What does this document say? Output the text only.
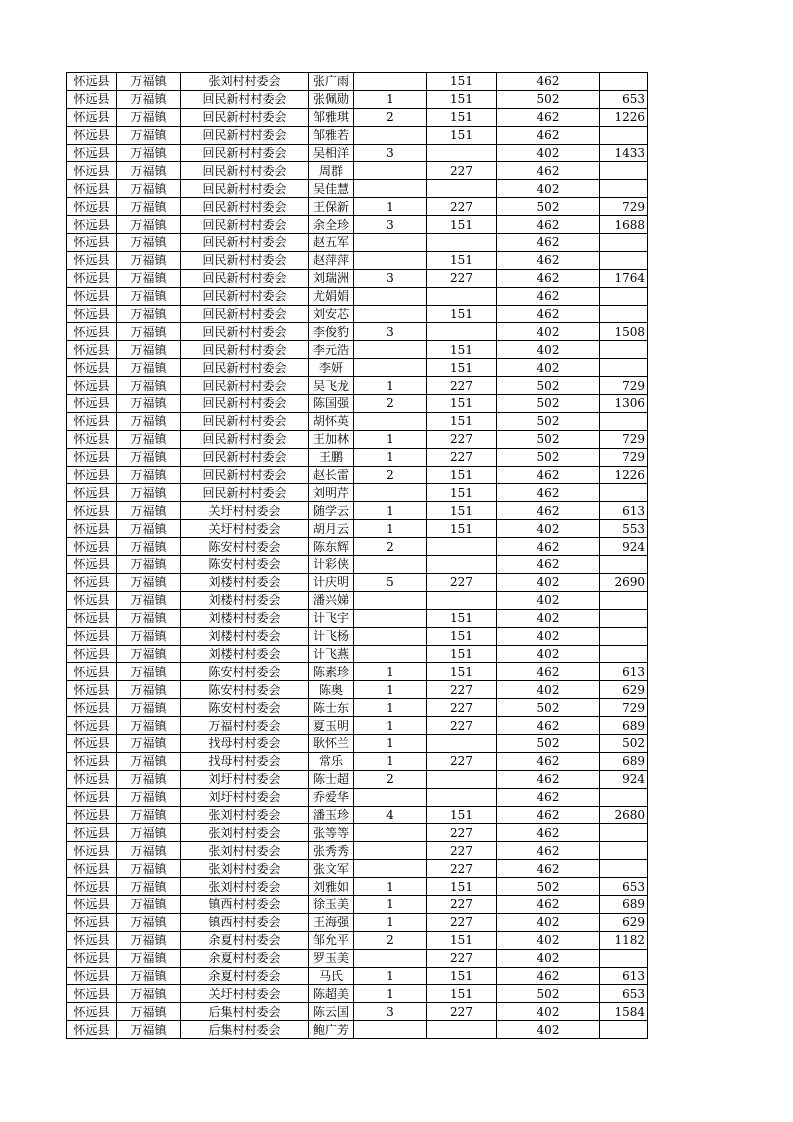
怀远县	万福镇	张刘村村委会	张广雨		151	462	
怀远县	万福镇	回民新村村委会	张佩勋	1	151	502	653
怀远县	万福镇	回民新村村委会	邹雅琪	2	151	462	1226
怀远县	万福镇	回民新村村委会	邹雅若		151	462	
怀远县	万福镇	回民新村村委会	吴相洋	3		402	1433
怀远县	万福镇	回民新村村委会	周群		227	462	
怀远县	万福镇	回民新村村委会	吴佳慧			402	
怀远县	万福镇	回民新村村委会	王保新	1	227	502	729
怀远县	万福镇	回民新村村委会	余全珍	3	151	462	1688
怀远县	万福镇	回民新村村委会	赵五军			462	
怀远县	万福镇	回民新村村委会	赵萍萍		151	462	
怀远县	万福镇	回民新村村委会	刘瑞洲	3	227	462	1764
怀远县	万福镇	回民新村村委会	尤娟娟			462	
怀远县	万福镇	回民新村村委会	刘安芯		151	462	
怀远县	万福镇	回民新村村委会	李俊豹	3		402	1508
怀远县	万福镇	回民新村村委会	李元浩		151	402	
怀远县	万福镇	回民新村村委会	李妍		151	402	
怀远县	万福镇	回民新村村委会	吴飞龙	1	227	502	729
怀远县	万福镇	回民新村村委会	陈国强	2	151	502	1306
怀远县	万福镇	回民新村村委会	胡怀英		151	502	
怀远县	万福镇	回民新村村委会	王加林	1	227	502	729
怀远县	万福镇	回民新村村委会	王鹏	1	227	502	729
怀远县	万福镇	回民新村村委会	赵长雷	2	151	462	1226
怀远县	万福镇	回民新村村委会	刘明芹		151	462	
怀远县	万福镇	关圩村村委会	随学云	1	151	462	613
怀远县	万福镇	关圩村村委会	胡月云	1	151	402	553
怀远县	万福镇	陈安村村委会	陈东辉	2		462	924
怀远县	万福镇	陈安村村委会	计彩侠			462	
怀远县	万福镇	刘楼村村委会	计庆明	5	227	402	2690
怀远县	万福镇	刘楼村村委会	潘兴娣			402	
怀远县	万福镇	刘楼村村委会	计飞宇		151	402	
怀远县	万福镇	刘楼村村委会	计飞杨		151	402	
怀远县	万福镇	刘楼村村委会	计飞燕		151	402	
怀远县	万福镇	陈安村村委会	陈素珍	1	151	462	613
怀远县	万福镇	陈安村村委会	陈奥	1	227	402	629
怀远县	万福镇	陈安村村委会	陈士东	1	227	502	729
怀远县	万福镇	万福村村委会	夏玉明	1	227	462	689
怀远县	万福镇	找母村村委会	耿怀兰	1		502	502
怀远县	万福镇	找母村村委会	常乐	1	227	462	689
怀远县	万福镇	刘圩村村委会	陈士超	2		462	924
怀远县	万福镇	刘圩村村委会	乔爱华			462	
怀远县	万福镇	张刘村村委会	潘玉珍	4	151	462	2680
怀远县	万福镇	张刘村村委会	张等等		227	462	
怀远县	万福镇	张刘村村委会	张秀秀		227	462	
怀远县	万福镇	张刘村村委会	张文军		227	462	
怀远县	万福镇	张刘村村委会	刘雅如	1	151	502	653
怀远县	万福镇	镇西村村委会	徐玉美	1	227	462	689
怀远县	万福镇	镇西村村委会	王海强	1	227	402	629
怀远县	万福镇	余夏村村委会	邹允平	2	151	402	1182
怀远县	万福镇	余夏村村委会	罗玉美		227	402	
怀远县	万福镇	余夏村村委会	马氏	1	151	462	613
怀远县	万福镇	关圩村村委会	陈超美	1	151	502	653
怀远县	万福镇	后集村村委会	陈云国	3	227	402	1584
怀远县	万福镇	后集村村委会	鲍广芳			402	
